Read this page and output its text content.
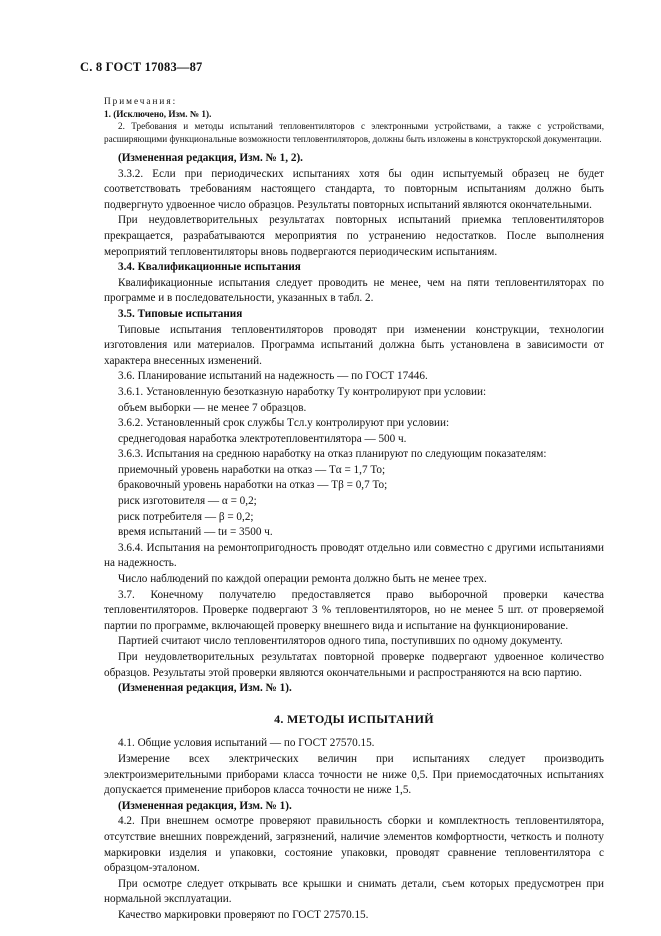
С. 8 ГОСТ 17083—87

Примечания:

1. (Исключено, Изм. № 1).

2. Требования и методы испытаний тепловентиляторов с электронными устройствами, а также с устройствами, расширяющими функциональные возможности тепловентиляторов, должны быть изложены в конструкторской документации.

(Измененная редакция, Изм. № 1, 2).

3.3.2. Если при периодических испытаниях хотя бы один испытуемый образец не будет соответствовать требованиям настоящего стандарта, то повторным испытаниям должно быть подвергнуто удвоенное число образцов. Результаты повторных испытаний являются окончательными.

При неудовлетворительных результатах повторных испытаний приемка тепловентиляторов прекращается, разрабатываются мероприятия по устранению недостатков. После выполнения мероприятий тепловентиляторы вновь подвергаются периодическим испытаниям.

3.4. Квалификационные испытания

Квалификационные испытания следует проводить не менее, чем на пяти тепловентиляторах по программе и в последовательности, указанных в табл. 2.

3.5. Типовые испытания

Типовые испытания тепловентиляторов проводят при изменении конструкции, технологии изготовления или материалов. Программа испытаний должна быть установлена в зависимости от характера внесенных изменений.

3.6. Планирование испытаний на надежность — по ГОСТ 17446.

3.6.1. Установленную безотказную наработку Tу контролируют при условии:

объем выборки — не менее 7 образцов.

3.6.2. Установленный срок службы Tсл.у контролируют при условии:

среднегодовая наработка электротепловентилятора — 500 ч.

3.6.3. Испытания на среднюю наработку на отказ планируют по следующим показателям:

приемочный уровень наработки на отказ — Tα = 1,7 To;

браковочный уровень наработки на отказ — Tβ = 0,7 To;

риск изготовителя — α = 0,2;

риск потребителя — β = 0,2;

время испытаний — tи = 3500 ч.

3.6.4. Испытания на ремонтопригодность проводят отдельно или совместно с другими испытаниями на надежность.

Число наблюдений по каждой операции ремонта должно быть не менее трех.

3.7. Конечному получателю предоставляется право выборочной проверки качества тепловентиляторов. Проверке подвергают 3 % тепловентиляторов, но не менее 5 шт. от проверяемой партии по программе, включающей проверку внешнего вида и испытание на функционирование.

Партией считают число тепловентиляторов одного типа, поступивших по одному документу.

При неудовлетворительных результатах повторной проверке подвергают удвоенное количество образцов. Результаты этой проверки являются окончательными и распространяются на всю партию.

(Измененная редакция, Изм. № 1).

4. МЕТОДЫ ИСПЫТАНИЙ

4.1. Общие условия испытаний — по ГОСТ 27570.15.

Измерение всех электрических величин при испытаниях следует производить электроизмерительными приборами класса точности не ниже 0,5. При приемосдаточных испытаниях допускается применение приборов класса точности не ниже 1,5.

(Измененная редакция, Изм. № 1).

4.2. При внешнем осмотре проверяют правильность сборки и комплектность тепловентилятора, отсутствие внешних повреждений, загрязнений, наличие элементов комфортности, четкость и полноту маркировки изделия и упаковки, состояние упаковки, проводят сравнение тепловентилятора с образцом-эталоном.

При осмотре следует открывать все крышки и снимать детали, съем которых предусмотрен при нормальной эксплуатации.

Качество маркировки проверяют по ГОСТ 27570.15.
